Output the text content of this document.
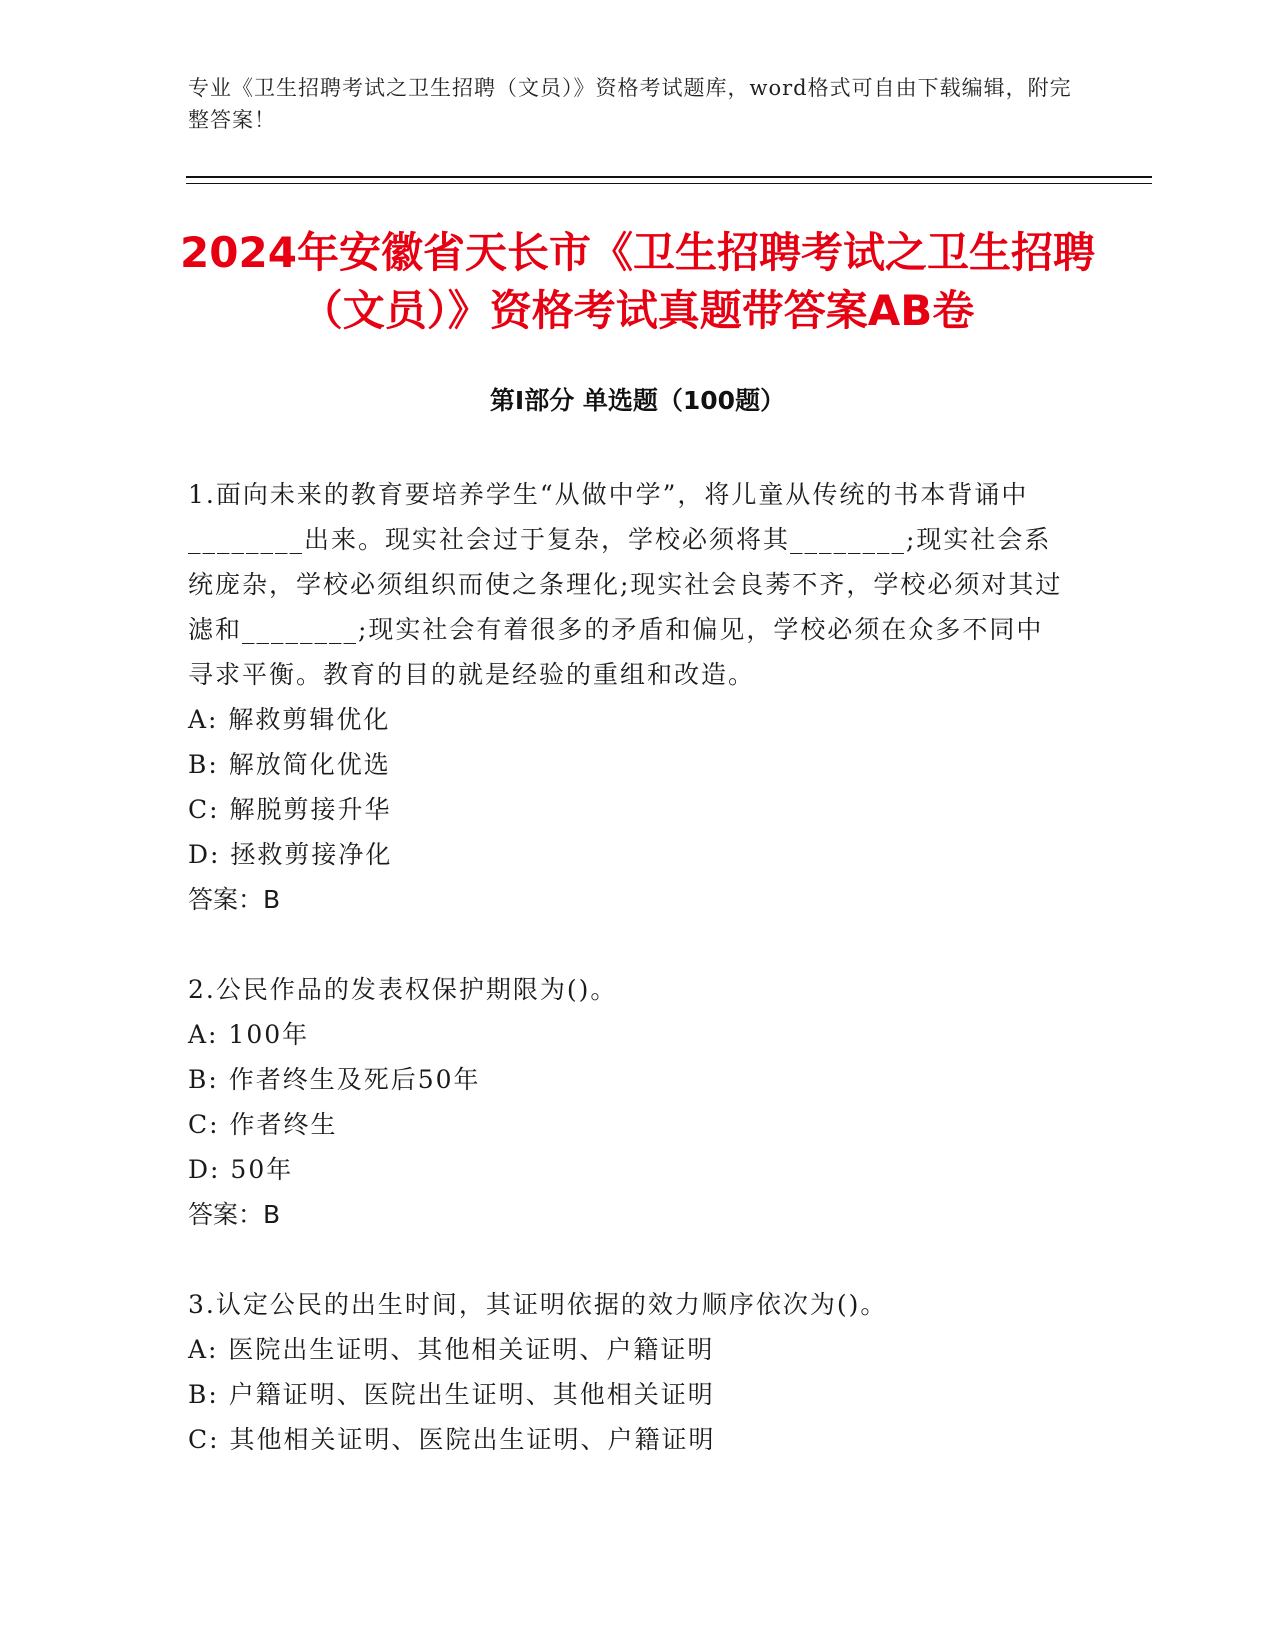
专业《卫生招聘考试之卫生招聘（文员）》资格考试题库，word格式可自由下载编辑，附完整答案！
2024年安徽省天长市《卫生招聘考试之卫生招聘（文员）》资格考试真题带答案AB卷
第Ⅰ部分 单选题（100题）

1.面向未来的教育要培养学生“从做中学”，将儿童从传统的书本背诵中________出来。现实社会过于复杂，学校必须将其________;现实社会系统庞杂，学校必须组织而使之条理化;现实社会良莠不齐，学校必须对其过滤和________;现实社会有着很多的矛盾和偏见，学校必须在众多不同中寻求平衡。教育的目的就是经验的重组和改造。

A: 解救剪辑优化

B: 解放简化优选

C: 解脱剪接升华

D: 拯救剪接净化

答案：B

2.公民作品的发表权保护期限为()。

A: 100年

B: 作者终生及死后50年

C: 作者终生

D: 50年

答案：B

3.认定公民的出生时间，其证明依据的效力顺序依次为()。

A: 医院出生证明、其他相关证明、户籍证明

B: 户籍证明、医院出生证明、其他相关证明

C: 其他相关证明、医院出生证明、户籍证明
